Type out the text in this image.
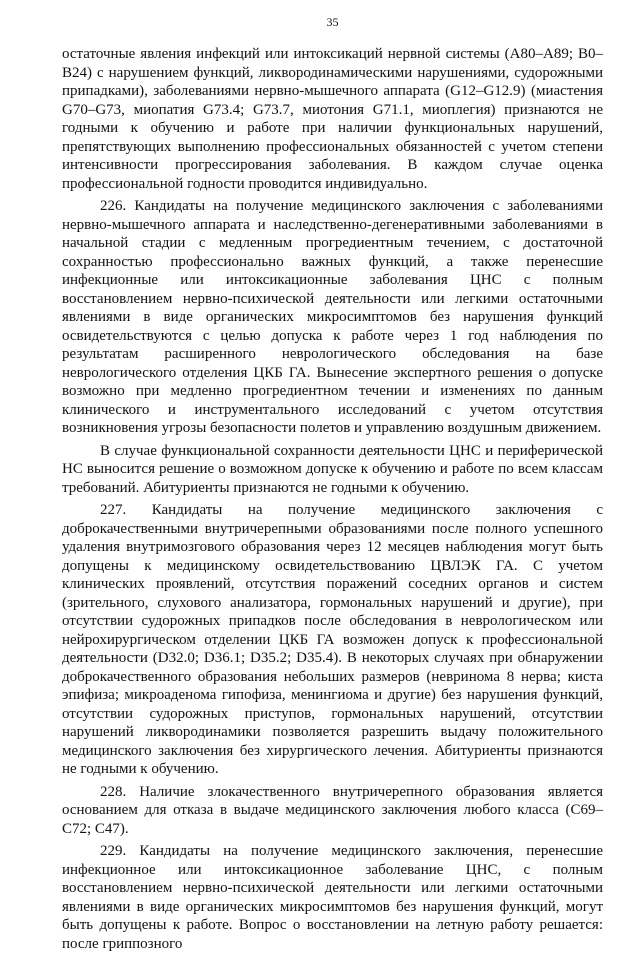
35

остаточные явления инфекций или интоксикаций нервной системы (А80–А89; В0–В24) с нарушением функций, ликвородинамическими нарушениями, судорожными припадками), заболеваниями нервно-мышечного аппарата (G12–G12.9) (миастения G70–G73, миопатия G73.4; G73.7, миотония G71.1, миоплегия) признаются не годными к обучению и работе при наличии функциональных нарушений, препятствующих выполнению профессиональных обязанностей с учетом степени интенсивности прогрессирования заболевания. В каждом случае оценка профессиональной годности проводится индивидуально.

226. Кандидаты на получение медицинского заключения с заболеваниями нервно-мышечного аппарата и наследственно-дегенеративными заболеваниями в начальной стадии с медленным прогредиентным течением, с достаточной сохранностью профессионально важных функций, а также перенесшие инфекционные или интоксикационные заболевания ЦНС с полным восстановлением нервно-психической деятельности или легкими остаточными явлениями в виде органических микросимптомов без нарушения функций освидетельствуются с целью допуска к работе через 1 год наблюдения по результатам расширенного неврологического обследования на базе неврологического отделения ЦКБ ГА. Вынесение экспертного решения о допуске возможно при медленно прогредиентном течении и изменениях по данным клинического и инструментального исследований с учетом отсутствия возникновения угрозы безопасности полетов и управлению воздушным движением.

В случае функциональной сохранности деятельности ЦНС и периферической НС выносится решение о возможном допуске к обучению и работе по всем классам требований. Абитуриенты признаются не годными к обучению.

227. Кандидаты на получение медицинского заключения с доброкачественными внутричерепными образованиями после полного успешного удаления внутримозгового образования через 12 месяцев наблюдения могут быть допущены к медицинскому освидетельствованию ЦВЛЭК ГА. С учетом клинических проявлений, отсутствия поражений соседних органов и систем (зрительного, слухового анализатора, гормональных нарушений и другие), при отсутствии судорожных припадков после обследования в неврологическом или нейрохирургическом отделении ЦКБ ГА возможен допуск к профессиональной деятельности (D32.0; D36.1; D35.2; D35.4). В некоторых случаях при обнаружении доброкачественного образования небольших размеров (невринома 8 нерва; киста эпифиза; микроаденома гипофиза, менингиома и другие) без нарушения функций, отсутствии судорожных приступов, гормональных нарушений, отсутствии нарушений ликвородинамики позволяется разрешить выдачу положительного медицинского заключения без хирургического лечения. Абитуриенты признаются не годными к обучению.

228. Наличие злокачественного внутричерепного образования является основанием для отказа в выдаче медицинского заключения любого класса (С69–С72; С47).

229. Кандидаты на получение медицинского заключения, перенесшие инфекционное или интоксикационное заболевание ЦНС, с полным восстановлением нервно-психической деятельности или легкими остаточными явлениями в виде органических микросимптомов без нарушения функций, могут быть допущены к работе. Вопрос о восстановлении на летную работу решается: после гриппозного
